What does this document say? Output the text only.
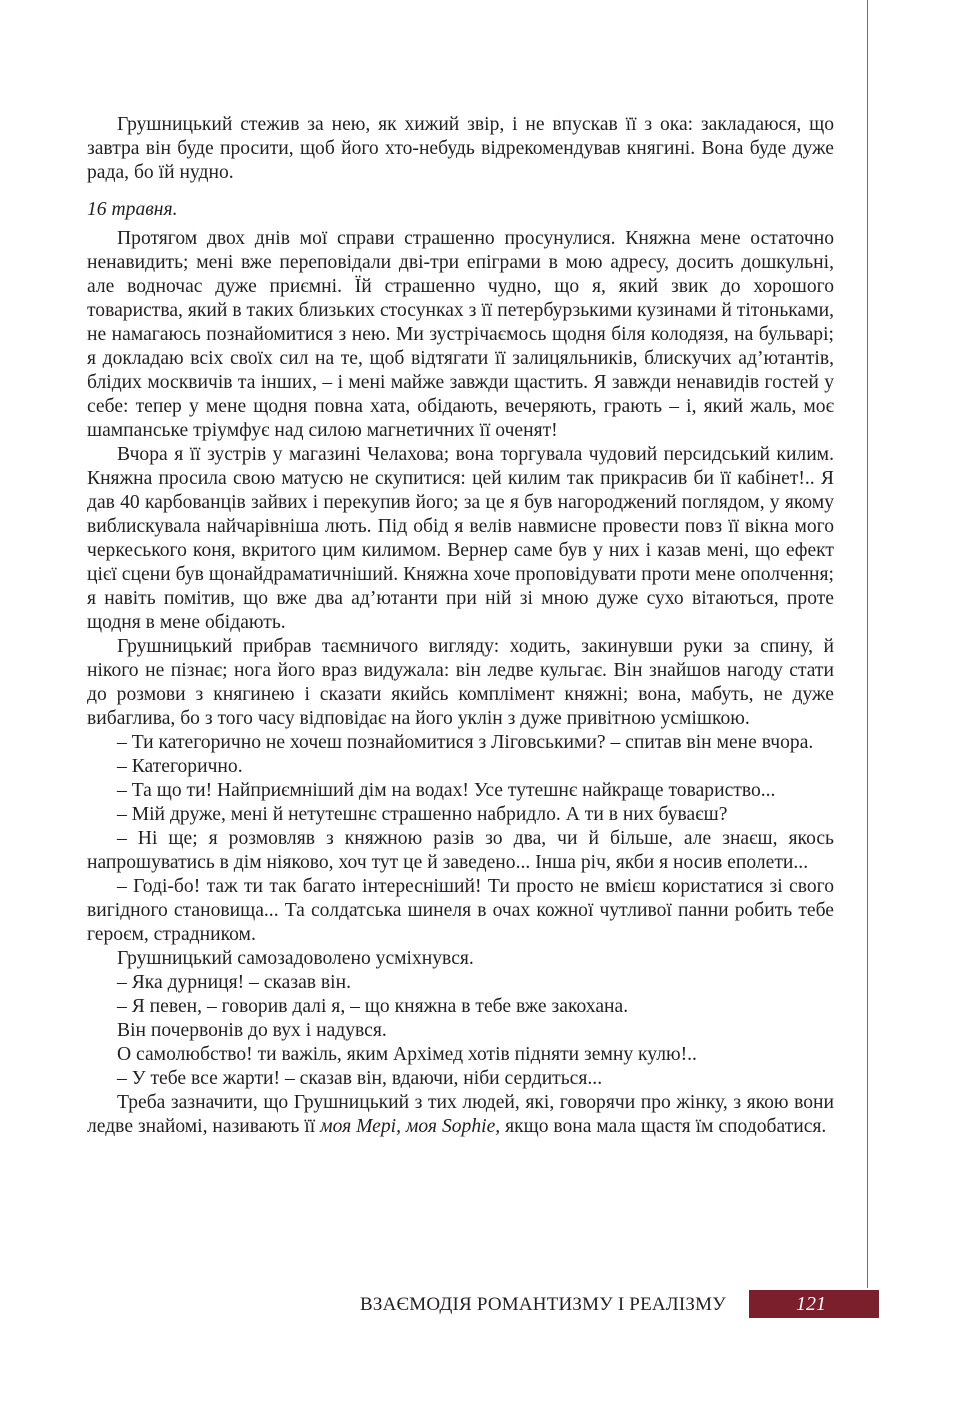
Грушницький стежив за нею, як хижий звір, і не впускав її з ока: закладаюся, що завтра він буде просити, щоб його хто-небудь відрекомендував княгині. Вона буде дуже рада, бо їй нудно.

16 травня.

Протягом двох днів мої справи страшенно просунулися. Княжна мене остаточно ненавидить; мені вже переповідали дві-три епіграми в мою адресу, досить дошкульні, але водночас дуже приємні. Їй страшенно чудно, що я, який звик до хорошого товариства, який в таких близьких стосунках з її петербурзькими кузинами й тітоньками, не намагаюсь познайомитися з нею. Ми зустрічаємось щодня біля колодязя, на бульварі; я докладаю всіх своїх сил на те, щоб відтягати її залицяльників, блискучих ад’ютантів, блідих москвичів та інших, – і мені майже завжди щастить. Я завжди ненавидів гостей у себе: тепер у мене щодня повна хата, обідають, вечеряють, грають – і, який жаль, моє шампанське тріумфує над силою магнетичних її оченят!

Вчора я її зустрів у магазині Челахова; вона торгувала чудовий персидський килим. Княжна просила свою матусю не скупитися: цей килим так прикрасив би її кабінет!.. Я дав 40 карбованців зайвих і перекупив його; за це я був нагороджений поглядом, у якому виблискувала найчарівніша лють. Під обід я велів навмисне провести повз її вікна мого черкеського коня, вкритого цим килимом. Вернер саме був у них і казав мені, що ефект цієї сцени був щонайдраматичніший. Княжна хоче проповідувати проти мене ополчення; я навіть помітив, що вже два ад’ютанти при ній зі мною дуже сухо вітаються, проте щодня в мене обідають.

Грушницький прибрав таємничого вигляду: ходить, закинувши руки за спину, й нікого не пізнає; нога його враз видужала: він ледве кульгає. Він знайшов нагоду стати до розмови з княгинею і сказати якийсь комплімент княжні; вона, мабуть, не дуже вибаглива, бо з того часу відповідає на його уклін з дуже привітною усмішкою.

– Ти категорично не хочеш познайомитися з Ліговськими? – спитав він мене вчора.

– Категорично.

– Та що ти! Найприємніший дім на водах! Усе тутешнє найкраще товариство...

– Мій друже, мені й нетутешнє страшенно набридло. А ти в них буваєш?

– Ні ще; я розмовляв з княжною разів зо два, чи й більше, але знаєш, якось напрошуватись в дім ніяково, хоч тут це й заведено... Інша річ, якби я носив еполети...

– Годі-бо! таж ти так багато інтересніший! Ти просто не вмієш користатися зі свого вигідного становища... Та солдатська шинеля в очах кожної чутливої панни робить тебе героєм, страдником.

Грушницький самозадоволено усміхнувся.

– Яка дурниця! – сказав він.

– Я певен, – говорив далі я, – що княжна в тебе вже закохана.

Він почервонів до вух і надувся.

О самолюбство! ти важіль, яким Архімед хотів підняти земну кулю!..

– У тебе все жарти! – сказав він, вдаючи, ніби сердиться...

Треба зазначити, що Грушницький з тих людей, які, говорячи про жінку, з якою вони ледве знайомі, називають її моя Мері, моя Sophie, якщо вона мала щастя їм сподобатися.

ВЗАЄМОДІЯ РОМАНТИЗМУ І РЕАЛІЗМУ	121
